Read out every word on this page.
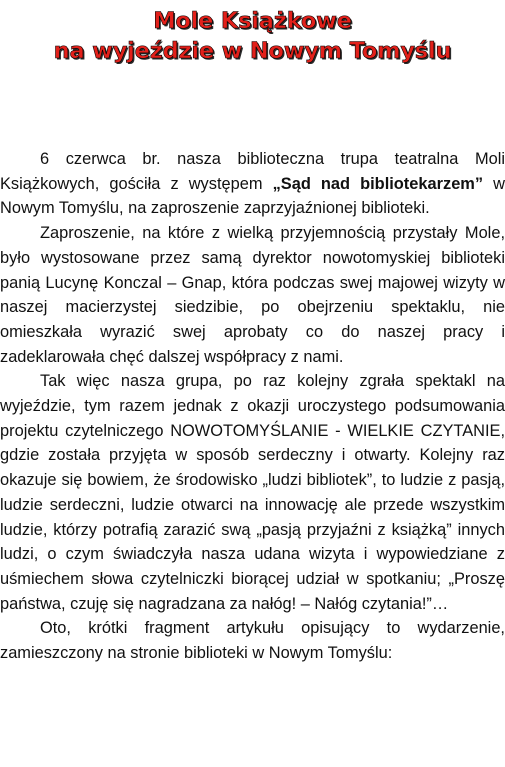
Mole Książkowe
na wyjeździe w Nowym Tomyślu

6 czerwca br. nasza biblioteczna trupa teatralna Moli Książkowych, gościła z występem „Sąd nad bibliotekarzem” w Nowym Tomyślu, na zaproszenie zaprzyjaźnionej biblioteki.

Zaproszenie, na które z wielką przyjemnością przystały Mole, było wystosowane przez samą dyrektor nowotomyskiej biblioteki panią Lucynę Konczal – Gnap, która podczas swej majowej wizyty w naszej macierzystej siedzibie, po obejrzeniu spektaklu, nie omieszkała wyrazić swej aprobaty co do naszej pracy i zadeklarowała chęć dalszej współpracy z nami.

Tak więc nasza grupa, po raz kolejny zgrała spektakl na wyjeździe, tym razem jednak z okazji uroczystego podsumowania projektu czytelniczego NOWOTOMYŚLANIE - WIELKIE CZYTANIE, gdzie została przyjęta w sposób serdeczny i otwarty. Kolejny raz okazuje się bowiem, że środowisko „ludzi bibliotek”, to ludzie z pasją, ludzie serdeczni, ludzie otwarci na innowację ale przede wszystkim ludzie, którzy potrafią zarazić swą „pasją przyjaźni z książką” innych ludzi, o czym świadczyła nasza udana wizyta i wypowiedziane z uśmiechem słowa czytelniczki biorącej udział w spotkaniu; „Proszę państwa, czuję się nagradzana za nałóg! – Nałóg czytania!”…

Oto, krótki fragment artykułu opisujący to wydarzenie, zamieszczony na stronie biblioteki w Nowym Tomyślu:
